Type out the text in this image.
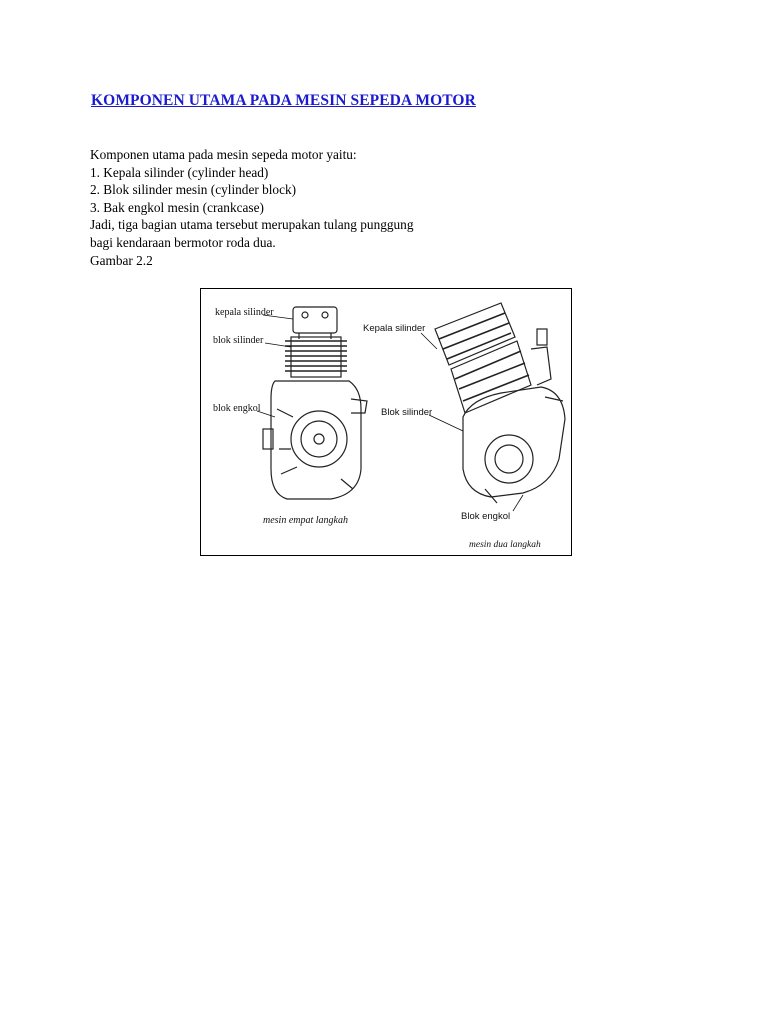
KOMPONEN UTAMA PADA MESIN SEPEDA MOTOR
Komponen utama pada mesin sepeda motor yaitu:
1. Kepala silinder (cylinder head)
2. Blok silinder mesin (cylinder block)
3. Bak engkol mesin (crankcase)
Jadi, tiga bagian utama tersebut merupakan tulang punggung
bagi kendaraan bermotor roda dua.
Gambar 2.2
kepala silinder
blok silinder
blok engkol
mesin empat langkah
Kepala silinder
Blok silinder
Blok engkol
mesin dua langkah
